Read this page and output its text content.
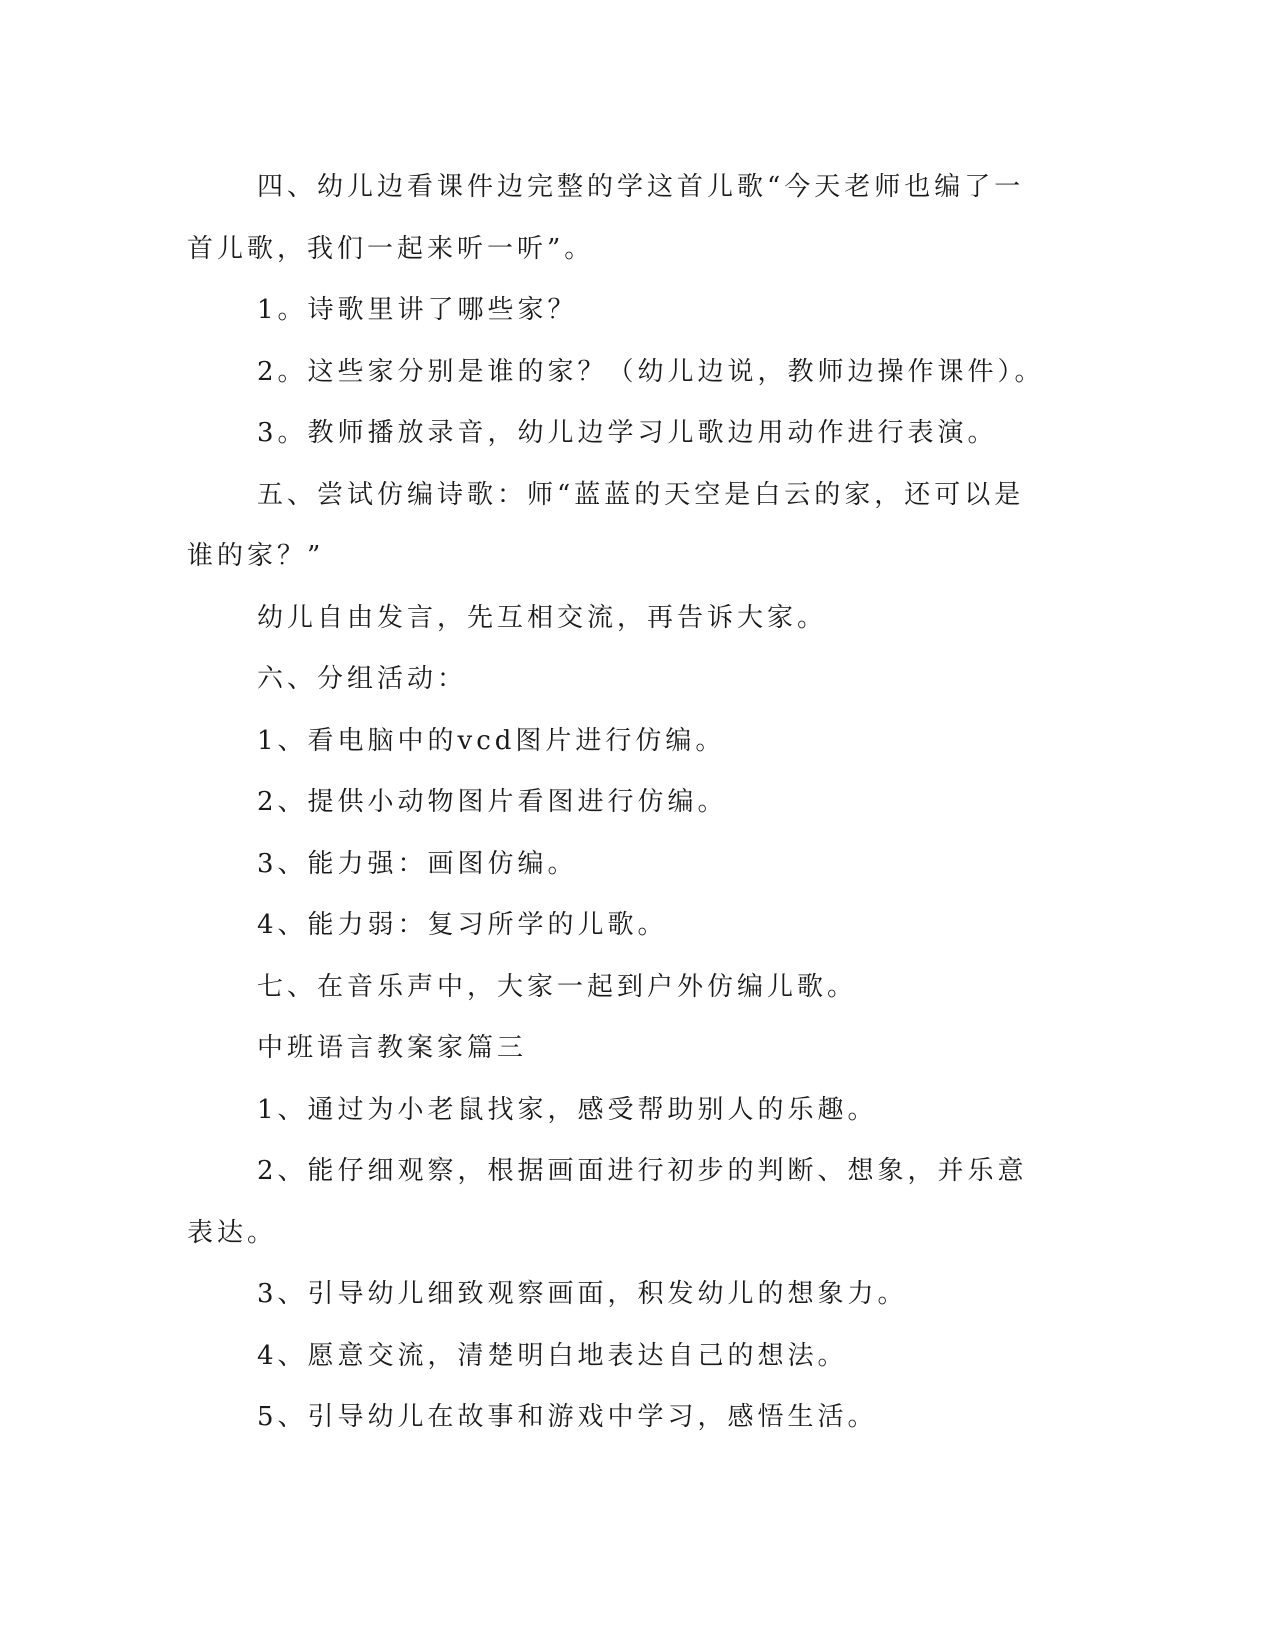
四、幼儿边看课件边完整的学这首儿歌“今天老师也编了一首儿歌，我们一起来听一听”。

1。诗歌里讲了哪些家？

2。这些家分别是谁的家？（幼儿边说，教师边操作课件）。

3。教师播放录音，幼儿边学习儿歌边用动作进行表演。

五、尝试仿编诗歌：师“蓝蓝的天空是白云的家，还可以是谁的家？”

幼儿自由发言，先互相交流，再告诉大家。

六、分组活动：

1、看电脑中的vcd图片进行仿编。

2、提供小动物图片看图进行仿编。

3、能力强：画图仿编。

4、能力弱：复习所学的儿歌。

七、在音乐声中，大家一起到户外仿编儿歌。

中班语言教案家篇三

1、通过为小老鼠找家，感受帮助别人的乐趣。

2、能仔细观察，根据画面进行初步的判断、想象，并乐意表达。

3、引导幼儿细致观察画面，积发幼儿的想象力。

4、愿意交流，清楚明白地表达自己的想法。

5、引导幼儿在故事和游戏中学习，感悟生活。
